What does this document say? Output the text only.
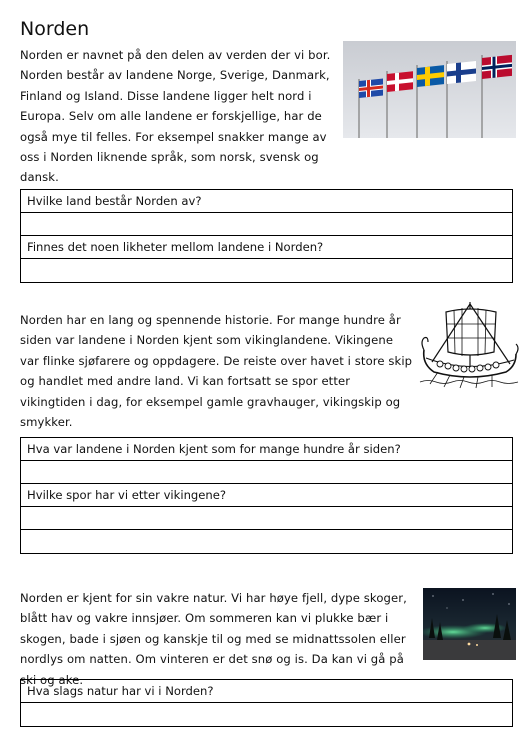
Norden
Norden er navnet på den delen av verden der vi bor. Norden består av landene Norge, Sverige, Danmark, Finland og Island. Disse landene ligger helt nord i Europa. Selv om alle landene er forskjellige, har de også mye til felles. For eksempel snakker mange av oss i Norden liknende språk, som norsk, svensk og dansk.
Hvilke land består Norden av?
Finnes det noen likheter mellom landene i Norden?
Norden har en lang og spennende historie. For mange hundre år siden var landene i Norden kjent som vikinglandene. Vikingene var flinke sjøfarere og oppdagere. De reiste over havet i store skip og handlet med andre land. Vi kan fortsatt se spor etter vikingtiden i dag, for eksempel gamle gravhauger, vikingskip og smykker.
Hva var landene i Norden kjent som for mange hundre år siden?
Hvilke spor har vi etter vikingene?
Norden er kjent for sin vakre natur. Vi har høye fjell, dype skoger, blått hav og vakre innsjøer. Om sommeren kan vi plukke bær i skogen, bade i sjøen og kanskje til og med se midnattssolen eller nordlys om natten. Om vinteren er det snø og is. Da kan vi gå på ski og ake.
Hva slags natur har vi i Norden?
